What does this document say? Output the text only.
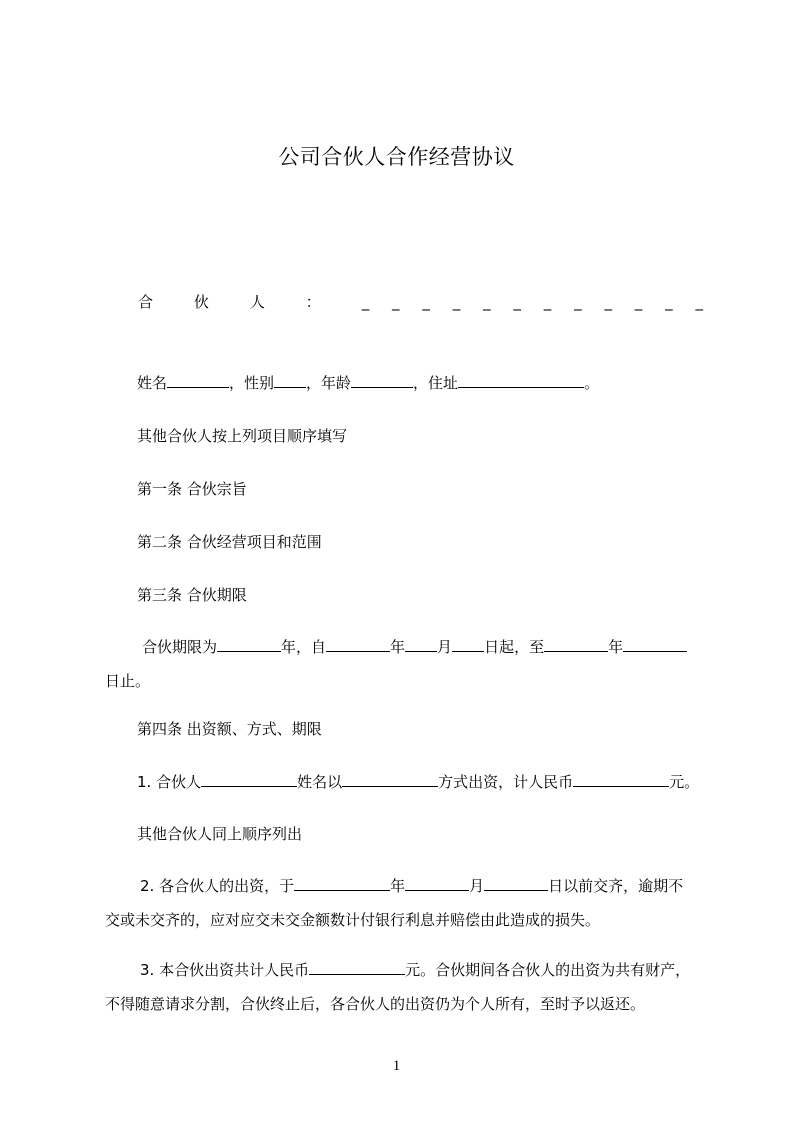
公司合伙人合作经营协议
合 伙 人 ： _ _ _ _ _ _ _ _ _ _ _ _
姓名	，性别 ，年龄	，住址	。
其他合伙人按上列项目顺序填写
第一条 合伙宗旨
第二条 合伙经营项目和范围
第三条 合伙期限
合伙期限为	年，自	年 月 日起，至	年
日止。
第四条 出资额、方式、期限
1. 合伙人	姓名以	方式出资，计人民币	元。
其他合伙人同上顺序列出
2. 各合伙人的出资，于	年	月	日以前交齐，逾期不
交或未交齐的，应对应交未交金额数计付银行利息并赔偿由此造成的损失。
3. 本合伙出资共计人民币	元。合伙期间各合伙人的出资为共有财产，
不得随意请求分割，合伙终止后，各合伙人的出资仍为个人所有，至时予以返还。
1
